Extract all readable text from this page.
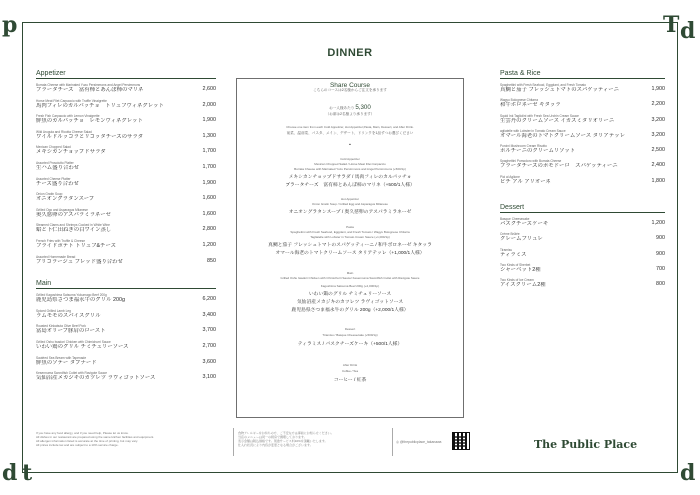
p	T d
d t	d
DINNER
Appetizer
Burrata Cheese with Marinated Yuzu Persimmons and Angel Persimmons
ブラータチーズ　富有柿とあんぽ柿のマリネ	2,600
Horse Meat Filet Carpaccio with Truffle Vinaigrette
馬肉フィレのカルパッチョ　トリュフヴィネグレット	2,000
Fresh Fish Carpaccio with Lemon Vinaigrette
鮮魚のカルパッチョ　レモンヴィネグレット	1,900
Wild Arugula and Ricotta Cheese Salad
ワイルドルッコラとリコッタチーズのサラダ	1,300
Mexican Chopped Salad
メキシカンチョップドサラダ	1,700
Assorted Prosciutto Platter
生ハム盛り合わせ	1,700
Assorted Cheese Platter
チーズ盛り合わせ	1,900
Onion Gratin Soup
オニオングラタンスープ	1,600
Grilled Ogo and Asparagus Milanese
奥久慈卵のアスパラミラネーゼ	1,600
Steamed Clams and Shrimps Cooked in White Wine
蛤と下仁田ねぎの白ワイン蒸し	2,800
French Fries with Truffle & Cheese
フライドポテト トリュフ&チーズ	1,200
Assorted Homemade Bread
ブリコラージュ ブレッド盛り合わせ	850
Main
Grilled Kagoshima Satsuma Yukumago Beef 200g
鹿児島県さつま福永牛のグリル 200g	6,200
Spiced Grilled Lamb Leg
ラムモモのスパイスグリル	3,400
Roasted Kinkabuta Olive Beef Pork
富島オリーブ豚肩のロースト	3,700
Grilled Oshu Iwadori Chicken with Chimichurri Sauce
いわい鶏のグリル チミチュリーソース	2,700
Sautéed Sea Bream with Tapenade
鮮魚のソテー タプナード	3,600
Kesennuma Swordfish Cutlet with Ravigote Sauce
気仙沼産メカジキのカツレツ ラヴィゴットソース	3,100
Share Course
こちらのコースは2名様からご注文を承ります
お一人様あたり 5,300
（お席は2名様より承ります）
Choose one item from each Cold Appetizer, Hot Appetizer,Pasta, Main, Dessert, and After Drink.
前菜、温前菜、パスタ、メイン、デザート、ドリンクを1品ずつお選びください
•
Cold Appetizer
Mexican Chopped Salad / Horse Meat Filet Carpaccio
Burrata Cheese with Marinated Yuzu Persimmons and Angel Persimmons (+500/1p)
メキシカンチョップドサラダ / 馬肉フィレのカルパッチョ
ブラータチーズ　富有柿とあんぽ柿のマリネ（+500/1人様）
Hot Appetizer
Onion Gratin Soup / Grilled Egg and Asparagus Milanese
オニオングラタンスープ / 奥久慈卵のアスパラミラネーゼ
Pasta
Spaghettini with Fresh Seafood, Eggplant, and Fresh Tomato / Wagyu Bolognese Chitarra
Tagliatelle with Lobster in Tomato Cream Sauce (+1,000/1p)
真鯛と茄子 フレッシュトマトのスパゲッティーニ / 和牛ボロネーゼ キタッラ
オマール海老のトマトクリームソース タリアテッレ（+1,000/1人様）
Main
Grilled Oshu Iwadori Chicken with Chimichurri Sauce/ Kesennuma Swordfish Cutlet with Ravigote Sauce
Kagoshima Satsuma Beef 200g (+2,000/1p)
いわい鶏のグリル チミチュリーソース
気仙沼産メカジキのカツレツ ラヴィゴットソース
鹿児島県さつま福永牛のグリル 200g（+2,000/1人様）
Dessert
Tiramisu / Basque Cheesecake (+500/1p)
ティラミス / バスクチーズケーキ（+500/1人様）
After Drink
Coffee / Tea
コーヒー / 紅茶
Pasta & Rice
Spaghettini with Fresh Seafood, Eggplant, and Fresh Tomato
真鯛と茄子 フレッシュトマトのスパゲッティーニ	1,900
Wagyu Bolognese Chitarra
和牛ボロネーゼ キタッラ	2,200
Squid Ink Tagliolini with Fresh Sea Urchin Cream Sauce
生雲丹のクリームソース イカスミタリオリーニ	3,200
agliatelle with Lobster in Tomato Cream Sauce
オマール海老のトマトクリームソース タリアテッレ	3,200
Porcini Mushroom Cream Risotto
ポルチーニのクリームリゾット	2,500
Spaghettini Pomodoro with Burrata Cheese
ブラータチーズのポモドーロ　スパゲッティーニ	2,400
Pici al Aglione
ピチ アル アリオーネ	1,800
Dessert
Basque Cheesecake
バスクチーズケーキ	1,200
Crème Brûlée
クレームブリュレ	900
Tiramisu
ティラミス	900
Two Kinds of Sherbet
シャーベット2種	700
Two Kinds of Ice Cream
アイスクリーム2種	800
If you have any food allergy, and if you need help, Please let us know.
All dishes in our restaurant are prepared using the same kitchen facilities and equipment.
All allergen information listed is accurate at the time of printing, but may vary.
All prices include tax and are subject to a 10% service charge.
食物アレルギーをお持ちの方、ご不安な方は事前にお知らせください。
当店のメニューは同一の厨房で調理しております。
表示金額は税込価格です。別途サービス料10%を頂戴いたします。
仕入れ状況により内容が変更となる場合がございます。
◎ @thepublicplace_takanawa	The Public Place
